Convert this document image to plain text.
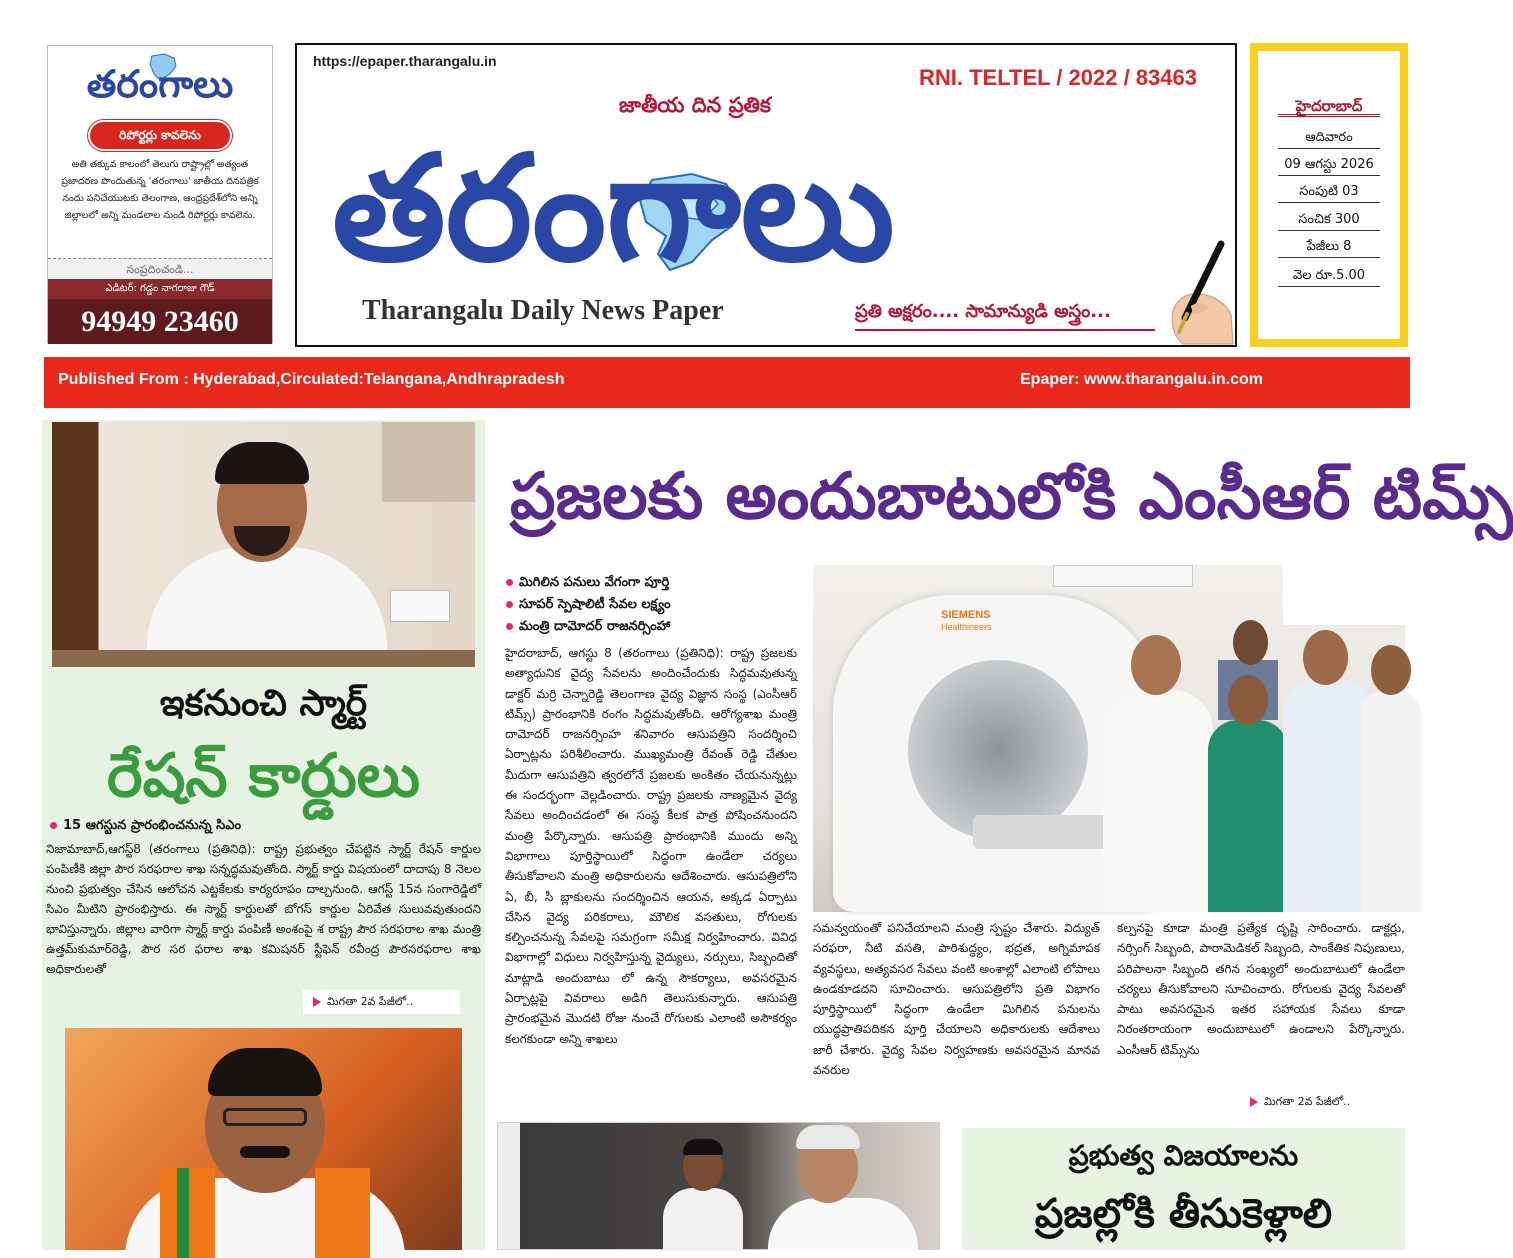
తరంగాలు
రిపోర్టర్లు కావలెను
అతి తక్కువ కాలంలో తెలుగు రాష్ట్రాల్లో అత్యంత ప్రజాదరణ పొందుతున్న 'తరంగాలు' జాతీయ దినపత్రిక నందు పనిచేయుటకు తెలంగాణ, ఆంధ్రప్రదేశ్‌లోని అన్ని జిల్లాలలో అన్ని మండలాల నుండి రిపోర్టర్లు కావలెను.
సంప్రదించండి...
ఎడిటర్: గడ్డం నాగరాజు గౌడ్
94949 23460
https://epaper.tharangalu.in
RNI. TELTEL / 2022 / 83463
జాతీయ దిన ప్రతిక
తరంగాలు
Tharangalu Daily News Paper	ప్రతి అక్షరం.... సామాన్యుడి అస్త్రం...
హైదరాబాద్
ఆదివారం
09 ఆగస్టు 2026
సంపుటి 03
సంచిక 300
పేజీలు 8
వెల రూ.5.00
Published From : Hyderabad,Circulated:Telangana,Andhrapradesh	Epaper: www.tharangalu.in.com
ఇకనుంచి స్మార్ట్
రేషన్ కార్డులు
15 ఆగస్టున ప్రారంభించనున్న సిఎం
నిజామాబాద్,ఆగస్ట్8 (తరంగాలు (ప్రతినిధి): రాష్ట్ర ప్రభుత్వం చేపట్టిన స్మార్ట్ రేషన్ కార్డుల పంపిణీకి జిల్లా పౌర సరఫరాల శాఖ సన్నద్ధమవుతోంది. స్మార్ట్ కార్డు విషయంలో దాదాపు 8 నెలల నుంచి ప్రభుత్వం చేసిన ఆలోచన ఎట్టకేలకు కార్యరూపం దాల్చనుంది. ఆగస్ట్ 15న సంగారెడ్డిలో సిఎం మీటిని ప్రారంభిస్తారు. ఈ స్మార్ట్ కార్డులతో బోగస్ కార్డుల ఏరివేత సులువవుతుందని భావిస్తున్నారు. జిల్లాల వారిగా స్మార్ట్ కార్డు పంపిణీ అంశంపై శ రాష్ట్ర పౌర సరఫరాల శాఖ మంత్రి ఉత్తమ్‌కుమార్‌రెడ్డి, పౌర సర ఫరాల శాఖ కమిషనర్ స్టీఫెన్ రవీంద్ర పౌరసరఫరాల శాఖ అధికారులతో
మిగతా 2వ పేజీలో..
ప్రజలకు అందుబాటులోకి ఎంసీఆర్ టిమ్స్
మిగిలిన పనులు వేగంగా పూర్తి
సూపర్ స్పెషాలిటీ సేవల లక్ష్యం
మంత్రి దామోదర్ రాజనర్సింహా
SIEMENS
Healthineers
హైదరాబాద్, ఆగస్టు 8 (తరంగాలు (ప్రతినిధి): రాష్ట్ర ప్రజలకు అత్యాధునిక వైద్య సేవలను అందించేందుకు సిద్ధమవుతున్న డాక్టర్ మర్రి చెన్నారెడ్డి తెలంగాణ వైద్య విజ్ఞాన సంస్థ (ఎంసీఆర్ టిమ్స్) ప్రారంభానికి రంగం సిద్ధమవుతోంది. ఆరోగ్యశాఖ మంత్రి దామోదర్ రాజనర్సింహ శనివారం ఆసుపత్రిని సందర్శించి ఏర్పాట్లను పరిశీలించారు. ముఖ్యమంత్రి రేవంత్ రెడ్డి చేతుల మీదుగా ఆసుపత్రిని త్వరలోనే ప్రజలకు అంకితం చేయనున్నట్లు ఈ సందర్భంగా వెల్లడించారు. రాష్ట్ర ప్రజలకు నాణ్యమైన వైద్య సేవలు అందించడంలో ఈ సంస్థ కీలక పాత్ర పోషించనుందని మంత్రి పేర్కొన్నారు. ఆసుపత్రి ప్రారంభానికి ముందు అన్ని విభాగాలు పూర్తిస్థాయిలో సిద్ధంగా ఉండేలా చర్యలు తీసుకోవాలని మంత్రి అధికారులను ఆదేశించారు. ఆసుపత్రిలోని ఏ, బీ, సీ బ్లాకులను సందర్శించిన ఆయన, అక్కడ ఏర్పాటు చేసిన వైద్య పరికరాలు, మౌలిక వసతులు, రోగులకు కల్పించనున్న సేవలపై సమగ్రంగా సమీక్ష నిర్వహించారు. వివిధ విభాగాల్లో విధులు నిర్వహిస్తున్న వైద్యులు, నర్సులు, సిబ్బందితో మాట్లాడి అందుబాటు లో ఉన్న సౌకర్యాలు, అవసరమైన ఏర్పాట్లపై వివరాలు అడిగి తెలుసుకున్నారు. ఆసుపత్రి ప్రారంభమైన మొదటి రోజు నుంచే రోగులకు ఎలాంటి అసౌకర్యం కలగకుండా అన్ని శాఖలు
సమన్వయంతో పనిచేయాలని మంత్రి స్పష్టం చేశారు. విద్యుత్ సరఫరా, నీటి వసతి, పారిశుద్ధ్యం, భద్రత, అగ్నిమాపక వ్యవస్థలు, అత్యవసర సేవలు వంటి అంశాల్లో ఎలాంటి లోపాలు ఉండకూడదని సూచించారు. ఆసుపత్రిలోని ప్రతి విభాగం పూర్తిస్థాయిలో సిద్ధంగా ఉండేలా మిగిలిన పనులను యుద్ధప్రాతిపదికన పూర్తి చేయాలని అధికారులకు ఆదేశాలు జారీ చేశారు. వైద్య సేవల నిర్వహణకు అవసరమైన మానవ వనరుల
కల్పనపై కూడా మంత్రి ప్రత్యేక దృష్టి సారించారు. డాక్టర్లు, నర్సింగ్ సిబ్బంది, పారామెడికల్ సిబ్బంది, సాంకేతిక నిపుణులు, పరిపాలనా సిబ్బంది తగిన సంఖ్యలో అందుబాటులో ఉండేలా చర్యలు తీసుకోవాలని సూచించారు. రోగులకు వైద్య సేవలతో పాటు అవసరమైన ఇతర సహాయక సేవలు కూడా నిరంతరాయంగా అందుబాటులో ఉండాలని పేర్కొన్నారు. ఎంసీఆర్ టిమ్స్‌ను
మిగతా 2వ పేజీలో..
ప్రభుత్వ విజయాలను
ప్రజల్లోకి తీసుకెళ్లాలి
